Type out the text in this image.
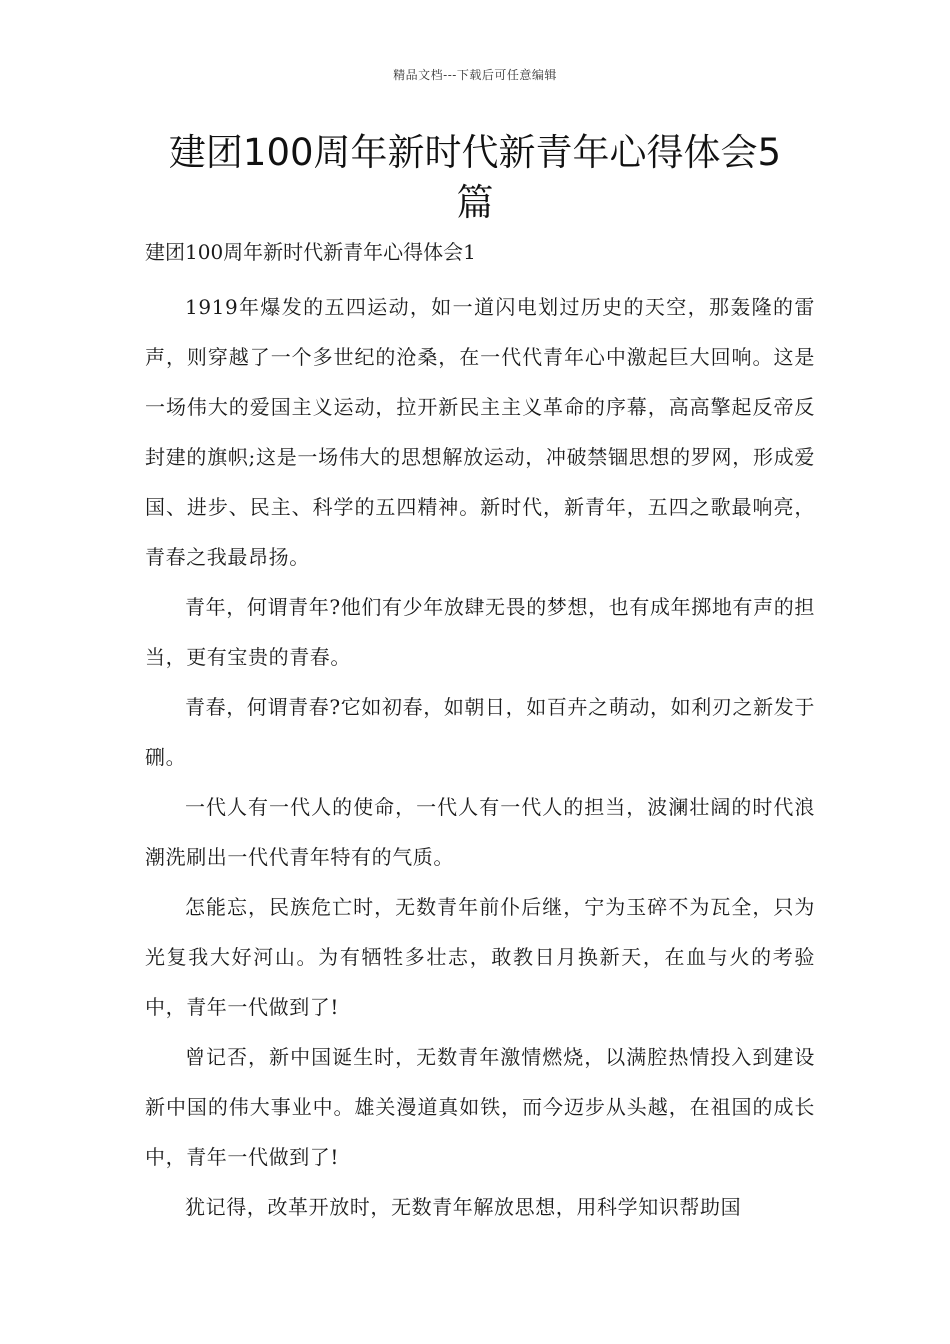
精品文档---下载后可任意编辑
建团100周年新时代新青年心得体会5
篇

建团100周年新时代新青年心得体会1

1919年爆发的五四运动，如一道闪电划过历史的天空，那轰隆的雷声，则穿越了一个多世纪的沧桑，在一代代青年心中激起巨大回响。这是一场伟大的爱国主义运动，拉开新民主主义革命的序幕，高高擎起反帝反封建的旗帜;这是一场伟大的思想解放运动，冲破禁锢思想的罗网，形成爱国、进步、民主、科学的五四精神。新时代，新青年，五四之歌最响亮，青春之我最昂扬。

青年，何谓青年?他们有少年放肆无畏的梦想，也有成年掷地有声的担当，更有宝贵的青春。

青春，何谓青春?它如初春，如朝日，如百卉之萌动，如利刃之新发于硎。

一代人有一代人的使命，一代人有一代人的担当，波澜壮阔的时代浪潮洗刷出一代代青年特有的气质。

怎能忘，民族危亡时，无数青年前仆后继，宁为玉碎不为瓦全，只为光复我大好河山。为有牺牲多壮志，敢教日月换新天，在血与火的考验中，青年一代做到了!

曾记否，新中国诞生时，无数青年激情燃烧，以满腔热情投入到建设新中国的伟大事业中。雄关漫道真如铁，而今迈步从头越，在祖国的成长中，青年一代做到了!

犹记得，改革开放时，无数青年解放思想，用科学知识帮助国
